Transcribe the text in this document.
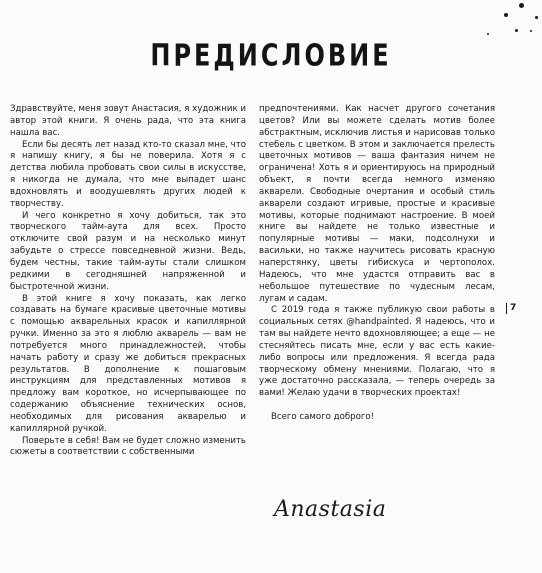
ПРЕДИСЛОВИЕ

Здравствуйте, меня зовут Анастасия, я художник и автор этой книги. Я очень рада, что эта книга нашла вас.

Если бы десять лет назад кто-то сказал мне, что я напишу книгу, я бы не поверила. Хотя я с детства любила пробовать свои силы в искусстве, я никогда не думала, что мне выпадет шанс вдохновлять и воодушевлять других людей к творчеству.

И чего конкретно я хочу добиться, так это творческого тайм-аута для всех. Просто отключите свой разум и на несколько минут забудьте о стрессе повседневной жизни. Ведь, будем честны, такие тайм-ауты стали слишком редкими в сегодняшней напряженной и быстротечной жизни.

В этой книге я хочу показать, как легко создавать на бумаге красивые цветочные мотивы с помощью акварельных красок и капиллярной ручки. Именно за это я люблю акварель — вам не потребуется много принадлежностей, чтобы начать работу и сразу же добиться прекрасных результатов. В дополнение к пошаговым инструкциям для представленных мотивов я предложу вам короткое, но исчерпывающее по содержанию объяснение технических основ, необходимых для рисования акварелью и капиллярной ручкой.

Поверьте в себя! Вам не будет сложно изменить сюжеты в соответствии с собственными

предпочтениями. Как насчет другого сочетания цветов? Или вы можете сделать мотив более абстрактным, исключив листья и нарисовав только стебель с цветком. В этом и заключается прелесть цветочных мотивов — ваша фантазия ничем не ограничена! Хоть я и ориентируюсь на природный объект, я почти всегда немного изменяю акварели. Свободные очертания и особый стиль акварели создают игривые, простые и красивые мотивы, которые поднимают настроение. В моей книге вы найдете не только известные и популярные мотивы — маки, подсолнухи и васильки, но также научитесь рисовать красную наперстянку, цветы гибискуса и чертополох. Надеюсь, что мне удастся отправить вас в небольшое путешествие по чудесным лесам, лугам и садам.

С 2019 года я также публикую свои работы в социальных сетях @handpainted. Я надеюсь, что и там вы найдете нечто вдохновляющее; а еще — не стесняйтесь писать мне, если у вас есть какие-либо вопросы или предложения. Я всегда рада творческому обмену мнениями. Полагаю, что я уже достаточно рассказала, — теперь очередь за вами! Желаю удачи в творческих проектах!

Всего самого доброго!

7
Anastasia
